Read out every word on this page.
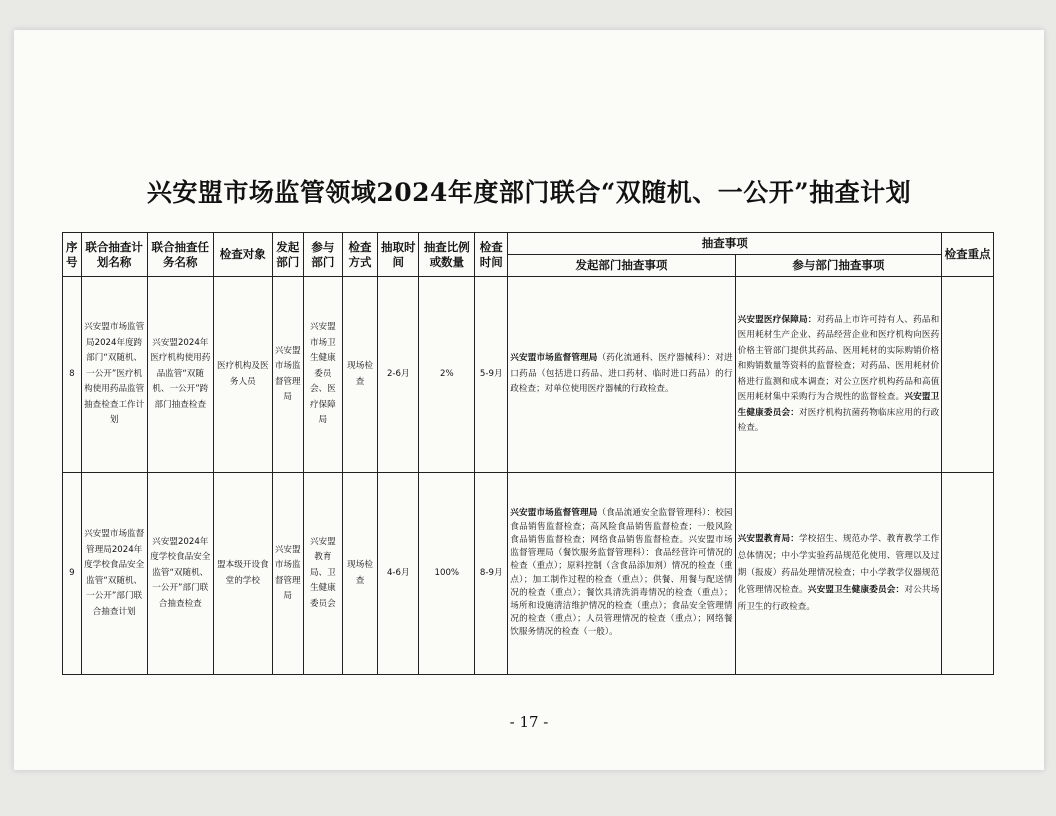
兴安盟市场监管领域2024年度部门联合“双随机、一公开”抽查计划
序号	联合抽查计划名称	联合抽查任务名称	检查对象	发起部门	参与部门	检查方式	抽取时间	抽查比例或数量	检查时间	抽查事项		检查重点
										发起部门抽查事项	参与部门抽查事项	
8	兴安盟市场监管局2024年度跨部门“双随机、一公开”医疗机构使用药品监管抽查检查工作计划	兴安盟2024年医疗机构使用药品监管“双随机、一公开”跨部门抽查检查	医疗机构及医务人员	兴安盟市场监督管理局	兴安盟市场卫生健康委员会、医疗保障局	现场检查	2-6月	2%	5-9月	兴安盟市场监督管理局（药化流通科、医疗器械科）：对进口药品（包括进口药品、进口药材、临时进口药品）的行政检查；对单位使用医疗器械的行政检查。	兴安盟医疗保障局：对药品上市许可持有人、药品和医用耗材生产企业、药品经营企业和医疗机构向医药价格主管部门提供其药品、医用耗材的实际购销价格和购销数量等资料的监督检查；对药品、医用耗材价格进行监测和成本调查；对公立医疗机构药品和高值医用耗材集中采购行为合规性的监督检查。兴安盟卫生健康委员会：对医疗机构抗菌药物临床应用的行政检查。	
9	兴安盟市场监督管理局2024年度学校食品安全监管“双随机、一公开”部门联合抽查计划	兴安盟2024年度学校食品安全监管“双随机、一公开”部门联合抽查检查	盟本级开设食堂的学校	兴安盟市场监督管理局	兴安盟教育局、卫生健康委员会	现场检查	4-6月	100%	8-9月	兴安盟市场监督管理局（食品流通安全监督管理科）：校园食品销售监督检查；高风险食品销售监督检查；一般风险食品销售监督检查；网络食品销售监督检查。兴安盟市场监督管理局（餐饮服务监督管理科）：食品经营许可情况的检查（重点）；原料控制（含食品添加剂）情况的检查（重点）；加工制作过程的检查（重点）；供餐、用餐与配送情况的检查（重点）；餐饮具清洗消毒情况的检查（重点）；场所和设施清洁维护情况的检查（重点）；食品安全管理情况的检查（重点）；人员管理情况的检查（重点）；网络餐饮服务情况的检查（一般）。	兴安盟教育局：学校招生、规范办学、教育教学工作总体情况；中小学实验药品规范化使用、管理以及过期（报废）药品处理情况检查；中小学教学仪器规范化管理情况检查。兴安盟卫生健康委员会：对公共场所卫生的行政检查。	
- 17 -
